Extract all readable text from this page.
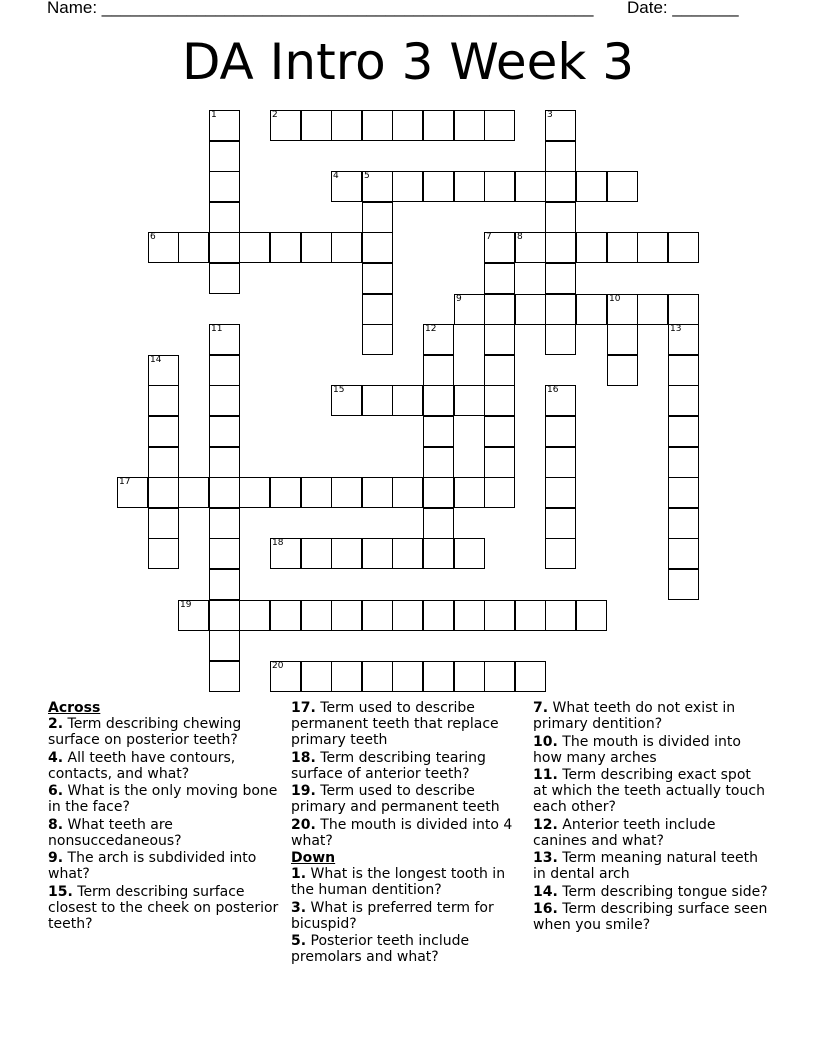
Name: ____________________________________________________ Date: _______
DA Intro 3 Week 3
1	2	3
4	5
6	7	8
9	10
11	12	13
14
15	16
17
18
19
20
Across
2. Term describing chewing surface on posterior teeth?
4. All teeth have contours, contacts, and what?
6. What is the only moving bone in the face?
8. What teeth are nonsuccedaneous?
9. The arch is subdivided into what?
15. Term describing surface closest to the cheek on posterior teeth?
17. Term used to describe permanent teeth that replace primary teeth
18. Term describing tearing surface of anterior teeth?
19. Term used to describe primary and permanent teeth
20. The mouth is divided into 4 what?
Down
1. What is the longest tooth in the human dentition?
3. What is preferred term for bicuspid?
5. Posterior teeth include premolars and what?
7. What teeth do not exist in primary dentition?
10. The mouth is divided into how many arches
11. Term describing exact spot at which the teeth actually touch each other?
12. Anterior teeth include canines and what?
13. Term meaning natural teeth in dental arch
14. Term describing tongue side?
16. Term describing surface seen when you smile?
